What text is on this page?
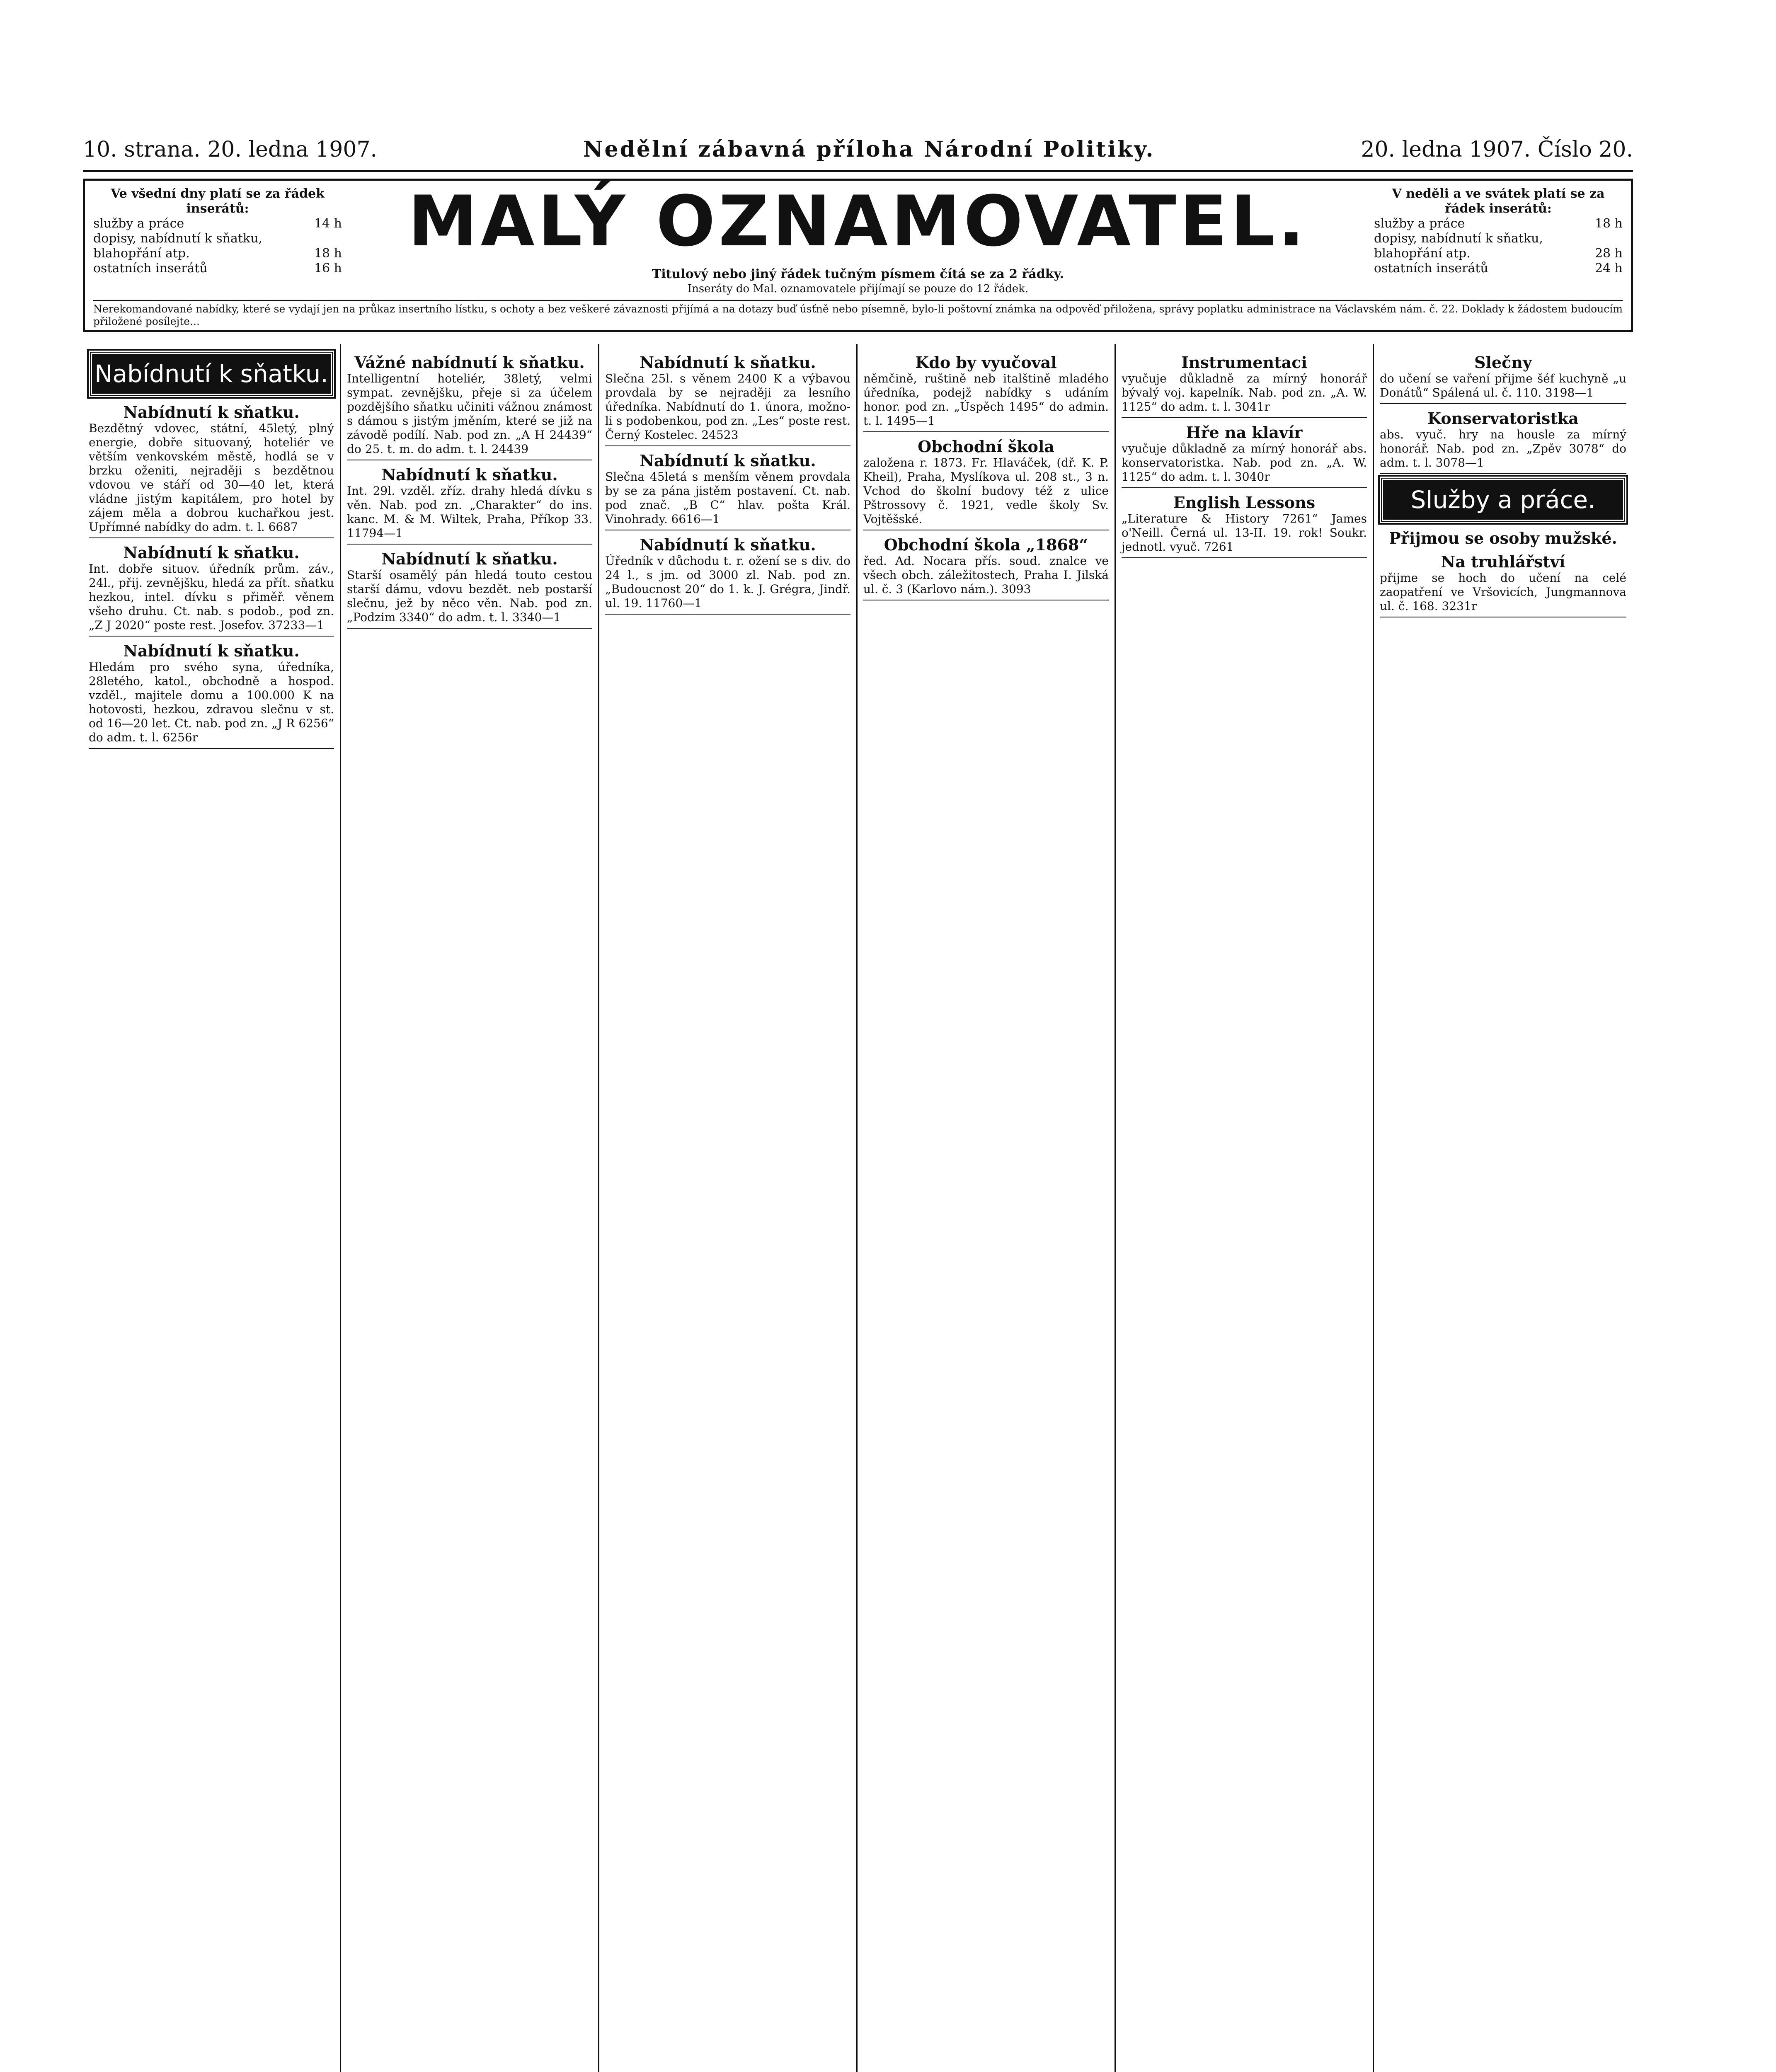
10. strana. 20. ledna 1907.	Nedělní zábavná příloha Národní Politiky.	20. ledna 1907. Číslo 20.
Ve všední dny platí se za řádek inserátů:
služby a práce	14 h
dopisy, nabídnutí k sňatku,
blahopřání atp.	18 h
ostatních inserátů	16 h
MALÝ OZNAMOVATEL.
Titulový nebo jiný řádek tučným písmem čítá se za 2 řádky.
Inseráty do Mal. oznamovatele přijímají se pouze do 12 řádek.
V neděli a ve svátek platí se za řádek inserátů:
služby a práce	18 h
dopisy, nabídnutí k sňatku,
blahopřání atp.	28 h
ostatních inserátů	24 h
Nerekomandované nabídky, které se vydají jen na průkaz insertního lístku, s ochoty a bez veškeré závaznosti přijímá a na dotazy buď úsťně nebo písemně, bylo-li poštovní známka na odpověď přiložena, správy poplatku administrace na Václavském nám. č. 22. Doklady k žádostem budoucím přiložené posílejte...
Nabídnutí k sňatku.
Nabídnutí k sňatku.
Bezdětný vdovec, státní, 45letý, plný energie, dobře situovaný, hoteliér ve větším venkovském městě, hodlá se v brzku oženiti, nejraději s bezdětnou vdovou ve stáří od 30—40 let, která vládne jistým kapitálem, pro hotel by zájem měla a dobrou kuchařkou jest. Upřímné nabídky do adm. t. l. 6687
Nabídnutí k sňatku.
Int. dobře situov. úředník prům. záv., 24l., přij. zevnějšku, hledá za přít. sňatku hezkou, intel. dívku s přiměř. věnem všeho druhu. Ct. nab. s podob., pod zn. „Z J 2020“ poste rest. Josefov. 37233—1
Nabídnutí k sňatku.
Hledám pro svého syna, úředníka, 28letého, katol., obchodně a hospod. vzděl., majitele domu a 100.000 K na hotovosti, hezkou, zdravou slečnu v st. od 16—20 let. Ct. nab. pod zn. „J R 6256“ do adm. t. l. 6256r
Vážné nabídnutí k sňatku.
Intelligentní hoteliér, 38letý, velmi sympat. zevnějšku, přeje si za účelem pozdějšího sňatku učiniti vážnou známost s dámou s jistým jměním, které se již na závodě podílí. Nab. pod zn. „A H 24439“ do 25. t. m. do adm. t. l. 24439
Nabídnutí k sňatku.
Int. 29l. vzděl. zříz. drahy hledá dívku s věn. Nab. pod zn. „Charakter“ do ins. kanc. M. & M. Wiltek, Praha, Příkop 33. 11794—1
Nabídnutí k sňatku.
Starší osamělý pán hledá touto cestou starší dámu, vdovu bezdět. neb postarší slečnu, jež by něco věn. Nab. pod zn. „Podzim 3340“ do adm. t. l. 3340—1
Nabídnutí k sňatku.
Slečna 25l. s věnem 2400 K a výbavou provdala by se nejraději za lesního úředníka. Nabídnutí do 1. února, možno-li s podobenkou, pod zn. „Les“ poste rest. Černý Kostelec. 24523
Nabídnutí k sňatku.
Slečna 45letá s menším věnem provdala by se za pána jistěm postavení. Ct. nab. pod znač. „B C“ hlav. pošta Král. Vinohrady. 6616—1
Nabídnutí k sňatku.
Úředník v důchodu t. r. ožení se s div. do 24 l., s jm. od 3000 zl. Nab. pod zn. „Budoucnost 20“ do 1. k. J. Grégra, Jindř. ul. 19. 11760—1
Kdo by vyučoval
němčině, ruštině neb italštině mladého úředníka, podejž nabídky s udáním honor. pod zn. „Úspěch 1495“ do admin. t. l. 1495—1
Obchodní škola
založena r. 1873. Fr. Hlaváček, (dř. K. P. Kheil), Praha, Myslíkova ul. 208 st., 3 n. Vchod do školní budovy též z ulice Pštrossovy č. 1921, vedle školy Sv. Vojtěšské.
Obchodní škola „1868“
řed. Ad. Nocara přís. soud. znalce ve všech obch. záležitostech, Praha I. Jilská ul. č. 3 (Karlovo nám.). 3093
Instrumentaci
vyučuje důkladně za mírný honorář bývalý voj. kapelník. Nab. pod zn. „A. W. 1125“ do adm. t. l. 3041r
Hře na klavír
vyučuje důkladně za mírný honorář abs. konservatoristka. Nab. pod zn. „A. W. 1125“ do adm. t. l. 3040r
English Lessons
„Literature & History 7261“ James o'Neill. Černá ul. 13-II. 19. rok! Soukr. jednotl. vyuč. 7261
Slečny
do učení se vaření přijme šéf kuchyně „u Donátů“ Spálená ul. č. 110. 3198—1
Konservatoristka
abs. vyuč. hry na housle za mírný honorář. Nab. pod zn. „Zpěv 3078“ do adm. t. l. 3078—1
Služby a práce.
Přijmou se osoby mužské.
Na truhlářství
přijme se hoch do učení na celé zaopatření ve Vršovicích, Jungmannova ul. č. 168. 3231r
